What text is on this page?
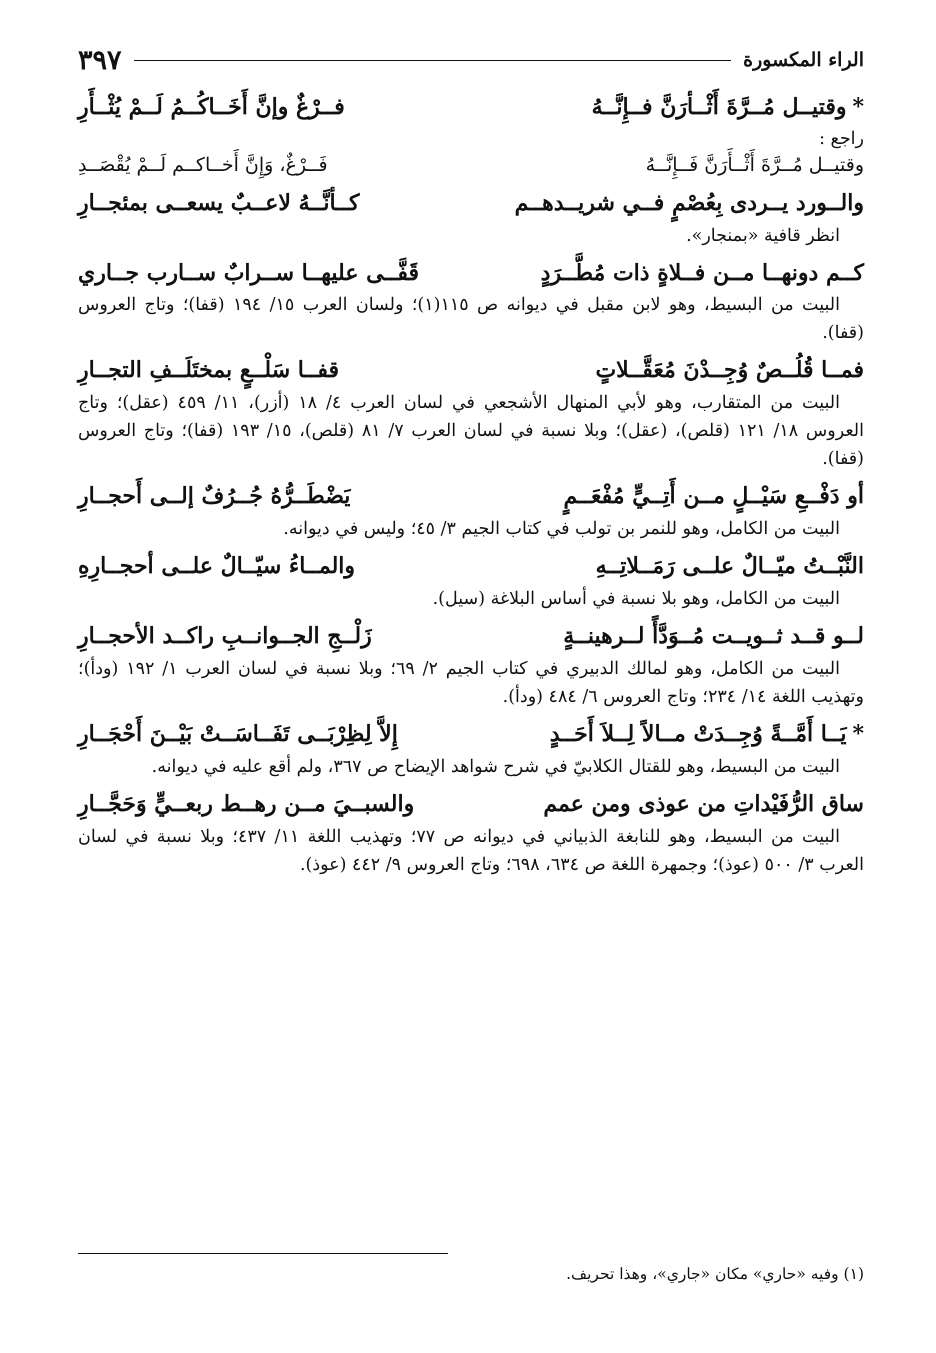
الراء المكسورة
٣٩٧
*
وقتيــل مُــرَّةَ أَثْــأرَنَّ فــإِنَّــهُ
فــرْغٌ وإنَّ أَخَــاكُــمُ لَــمْ يُثْــأَرِ
راجع :
وقتيــل مُــرَّةَ أَثْــأَرَنَّ فَــإِنَّــهُ
فَــرْغٌ، وَإِنَّ أَخــاكــم لَــمْ يُقْصَــدِ
والــورد يــردى بِعُصْمٍ فــي شريــدهــم
كــأنَّــهُ لاعــبٌ يسعــى بمئجــارِ
انظر قافية «بمنجار».
كــم دونهــا مــن فــلاةٍ ذات مُطَّــرَدٍ
قَفَّــى عليهــا ســرابٌ ســارب جــاري
البيت من البسيط، وهو لابن مقبل في ديوانه ص ١١٥(١)؛ ولسان العرب ١٥/ ١٩٤ (قفا)؛ وتاج العروس (قفا).
فمــا قُلُــصٌ وُجِــدْنَ مُعَقَّــلاتٍ
قفــا سَلْــعٍ بمختَلَــفِ التجــارِ
البيت من المتقارب، وهو لأبي المنهال الأشجعي في لسان العرب ٤/ ١٨ (أزر)، ١١/ ٤٥٩ (عقل)؛ وتاج العروس ١٨/ ١٢١ (قلص)، (عقل)؛ وبلا نسبة في لسان العرب ٧/ ٨١ (قلص)، ١٥/ ١٩٣ (قفا)؛ وتاج العروس (قفا).
أو دَفْــعِ سَيْــلٍ مــن أَتِــيٍّ مُفْعَــمٍ
يَضْطَــرُّهُ جُــرُفٌ إلــى أَحجــارِ
البيت من الكامل، وهو للنمر بن تولب في كتاب الجيم ٣/ ٤٥؛ وليس في ديوانه.
النَّبْــتُ ميّــالٌ علــى رَمَــلاتِــهِ
والمــاءُ سيّــالٌ علــى أحجــارِهِ
البيت من الكامل، وهو بلا نسبة في أساس البلاغة (سيل).
لــو قــد ثــويــت مُــوَدَّأً لــرهينــةٍ
زَلْــجِ الجــوانــبِ راكــد الأحجــارِ
البيت من الكامل، وهو لمالك الدبيري في كتاب الجيم ٢/ ٦٩؛ وبلا نسبة في لسان العرب ١/ ١٩٢ (ودأ)؛ وتهذيب اللغة ١٤/ ٢٣٤؛ وتاج العروس ٦/ ٤٨٤ (ودأ).
*
يَــا أَمَّــةً وُجِــدَتْ مــالاً لِــلاَ أَحَــدٍ
إِلاَّ لِظِرْبَــى تَفَــاسَــتْ بَيْــنَ أَحْجَــارِ
البيت من البسيط، وهو للقتال الكلابيّ في شرح شواهد الإيضاح ص ٣٦٧، ولم أقع عليه في ديوانه.
ساق الرُّفَيْداتِ من عوذى ومن عمم
والسبــيَ مــن رهــط ربعــيٍّ وَحَجَّــارِ
البيت من البسيط، وهو للنابغة الذبياني في ديوانه ص ٧٧؛ وتهذيب اللغة ١١/ ٤٣٧؛ وبلا نسبة في لسان العرب ٣/ ٥٠٠ (عوذ)؛ وجمهرة اللغة ص ٦٣٤، ٦٩٨؛ وتاج العروس ٩/ ٤٤٢ (عوذ).
(١) وفيه «حاري» مكان «جاري»، وهذا تحريف.
